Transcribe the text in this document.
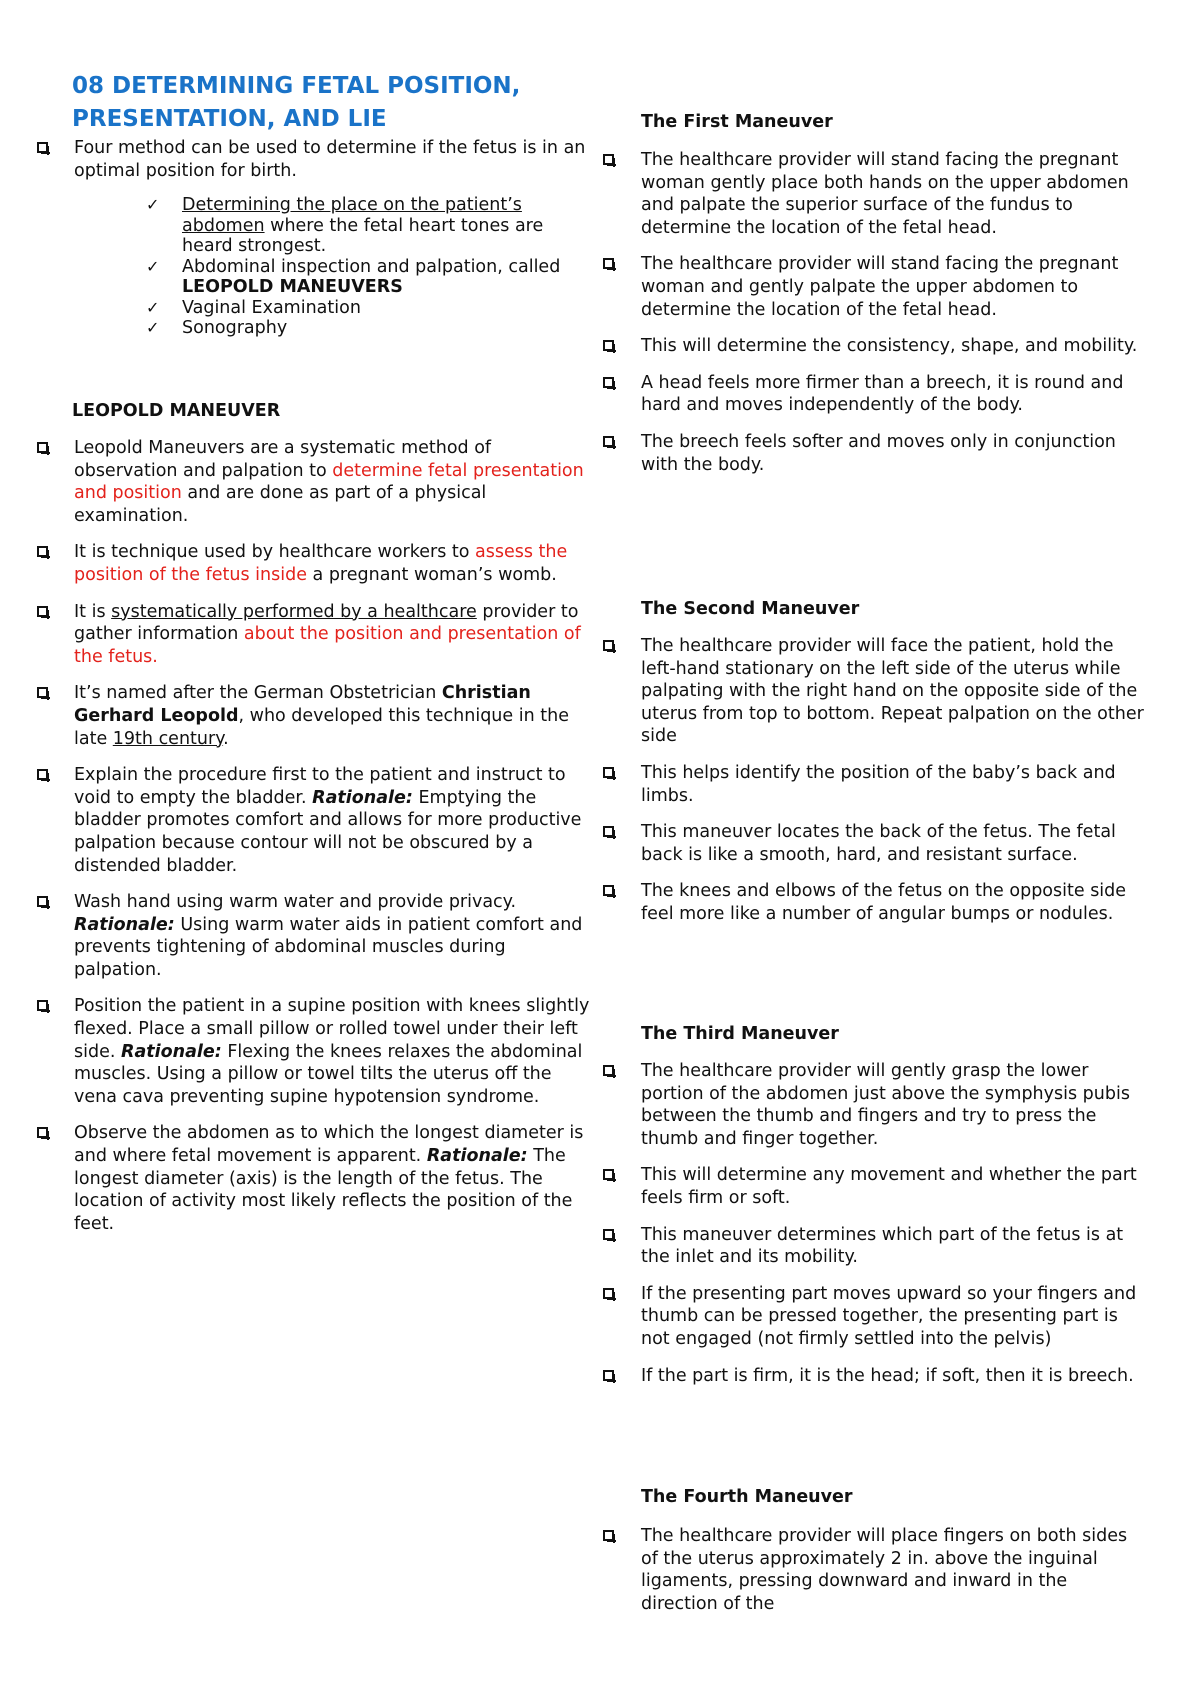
08 DETERMINING FETAL POSITION,
PRESENTATION, AND LIE

Four method can be used to determine if the fetus is in an optimal position for birth.

✓ Determining the place on the patient’s abdomen where the fetal heart tones are heard strongest.
✓ Abdominal inspection and palpation, called LEOPOLD MANEUVERS
✓ Vaginal Examination
✓ Sonography

LEOPOLD MANEUVER

Leopold Maneuvers are a systematic method of observation and palpation to determine fetal presentation and position and are done as part of a physical examination.

It is technique used by healthcare workers to assess the position of the fetus inside a pregnant woman’s womb.

It is systematically performed by a healthcare provider to gather information about the position and presentation of the fetus.

It’s named after the German Obstetrician Christian Gerhard Leopold, who developed this technique in the late 19th century.

Explain the procedure first to the patient and instruct to void to empty the bladder. Rationale: Emptying the bladder promotes comfort and allows for more productive palpation because contour will not be obscured by a distended bladder.

Wash hand using warm water and provide privacy. Rationale: Using warm water aids in patient comfort and prevents tightening of abdominal muscles during palpation.

Position the patient in a supine position with knees slightly flexed. Place a small pillow or rolled towel under their left side. Rationale: Flexing the knees relaxes the abdominal muscles. Using a pillow or towel tilts the uterus off the vena cava preventing supine hypotension syndrome.

Observe the abdomen as to which the longest diameter is and where fetal movement is apparent. Rationale: The longest diameter (axis) is the length of the fetus. The location of activity most likely reflects the position of the feet.

The First Maneuver

The healthcare provider will stand facing the pregnant woman gently place both hands on the upper abdomen and palpate the superior surface of the fundus to determine the location of the fetal head.

The healthcare provider will stand facing the pregnant woman and gently palpate the upper abdomen to determine the location of the fetal head.

This will determine the consistency, shape, and mobility.

A head feels more firmer than a breech, it is round and hard and moves independently of the body.

The breech feels softer and moves only in conjunction with the body.

The Second Maneuver

The healthcare provider will face the patient, hold the left-hand stationary on the left side of the uterus while palpating with the right hand on the opposite side of the uterus from top to bottom. Repeat palpation on the other side

This helps identify the position of the baby’s back and limbs.

This maneuver locates the back of the fetus. The fetal back is like a smooth, hard, and resistant surface.

The knees and elbows of the fetus on the opposite side feel more like a number of angular bumps or nodules.

The Third Maneuver

The healthcare provider will gently grasp the lower portion of the abdomen just above the symphysis pubis between the thumb and fingers and try to press the thumb and finger together.

This will determine any movement and whether the part feels firm or soft.

This maneuver determines which part of the fetus is at the inlet and its mobility.

If the presenting part moves upward so your fingers and thumb can be pressed together, the presenting part is not engaged (not firmly settled into the pelvis)

If the part is firm, it is the head; if soft, then it is breech.

The Fourth Maneuver

The healthcare provider will place fingers on both sides of the uterus approximately 2 in. above the inguinal ligaments, pressing downward and inward in the direction of the
